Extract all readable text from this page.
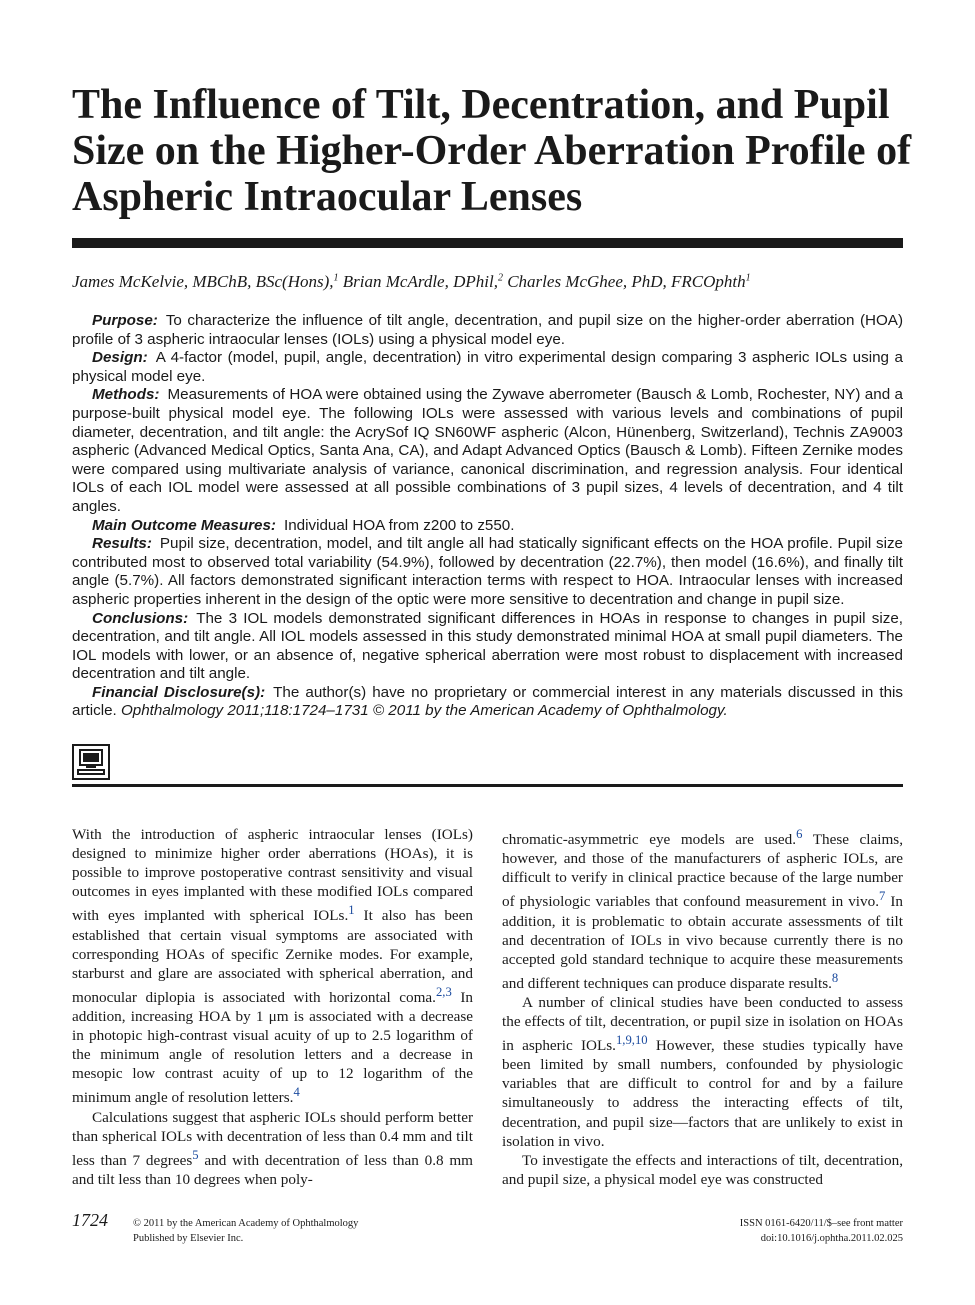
The Influence of Tilt, Decentration, and Pupil Size on the Higher-Order Aberration Profile of Aspheric Intraocular Lenses
James McKelvie, MBChB, BSc(Hons),$^1$ Brian McArdle, DPhil,$^2$ Charles McGhee, PhD, FRCOphth$^1$

Purpose: To characterize the influence of tilt angle, decentration, and pupil size on the higher-order aberration (HOA) profile of 3 aspheric intraocular lenses (IOLs) using a physical model eye.

Design: A 4-factor (model, pupil, angle, decentration) in vitro experimental design comparing 3 aspheric IOLs using a physical model eye.

Methods: Measurements of HOA were obtained using the Zywave aberrometer (Bausch & Lomb, Rochester, NY) and a purpose-built physical model eye. The following IOLs were assessed with various levels and combinations of pupil diameter, decentration, and tilt angle: the AcrySof IQ SN60WF aspheric (Alcon, Hünenberg, Switzerland), Technis ZA9003 aspheric (Advanced Medical Optics, Santa Ana, CA), and Adapt Advanced Optics (Bausch & Lomb). Fifteen Zernike modes were compared using multivariate analysis of variance, canonical discrimination, and regression analysis. Four identical IOLs of each IOL model were assessed at all possible combinations of 3 pupil sizes, 4 levels of decentration, and 4 tilt angles.

Main Outcome Measures: Individual HOA from z200 to z550.

Results: Pupil size, decentration, model, and tilt angle all had statically significant effects on the HOA profile. Pupil size contributed most to observed total variability (54.9%), followed by decentration (22.7%), then model (16.6%), and finally tilt angle (5.7%). All factors demonstrated significant interaction terms with respect to HOA. Intraocular lenses with increased aspheric properties inherent in the design of the optic were more sensitive to decentration and change in pupil size.

Conclusions: The 3 IOL models demonstrated significant differences in HOAs in response to changes in pupil size, decentration, and tilt angle. All IOL models assessed in this study demonstrated minimal HOA at small pupil diameters. The IOL models with lower, or an absence of, negative spherical aberration were most robust to displacement with increased decentration and tilt angle.

Financial Disclosure(s): The author(s) have no proprietary or commercial interest in any materials discussed in this article. Ophthalmology 2011;118:1724–1731 © 2011 by the American Academy of Ophthalmology.

With the introduction of aspheric intraocular lenses (IOLs) designed to minimize higher order aberrations (HOAs), it is possible to improve postoperative contrast sensitivity and visual outcomes in eyes implanted with these modified IOLs compared with eyes implanted with spherical IOLs.$^1$ It also has been established that certain visual symptoms are associated with corresponding HOAs of specific Zernike modes. For example, starburst and glare are associated with spherical aberration, and monocular diplopia is associated with horizontal coma.$^{2,3}$ In addition, increasing HOA by 1 μm is associated with a decrease in photopic high-contrast visual acuity of up to 2.5 logarithm of the minimum angle of resolution letters and a decrease in mesopic low contrast acuity of up to 12 logarithm of the minimum angle of resolution letters.$^4$

Calculations suggest that aspheric IOLs should perform better than spherical IOLs with decentration of less than 0.4 mm and tilt less than 7 degrees$^5$ and with decentration of less than 0.8 mm and tilt less than 10 degrees when poly-

chromatic-asymmetric eye models are used.$^6$ These claims, however, and those of the manufacturers of aspheric IOLs, are difficult to verify in clinical practice because of the large number of physiologic variables that confound measurement in vivo.$^7$ In addition, it is problematic to obtain accurate assessments of tilt and decentration of IOLs in vivo because currently there is no accepted gold standard technique to acquire these measurements and different techniques can produce disparate results.$^8$

A number of clinical studies have been conducted to assess the effects of tilt, decentration, or pupil size in isolation on HOAs in aspheric IOLs.$^{1,9,10}$ However, these studies typically have been limited by small numbers, confounded by physiologic variables that are difficult to control for and by a failure simultaneously to address the interacting effects of tilt, decentration, and pupil size—factors that are unlikely to exist in isolation in vivo.

To investigate the effects and interactions of tilt, decentration, and pupil size, a physical model eye was constructed

1724 © 2011 by the American Academy of Ophthalmology
Published by Elsevier Inc.
ISSN 0161-6420/11/$–see front matter
doi:10.1016/j.ophtha.2011.02.025
